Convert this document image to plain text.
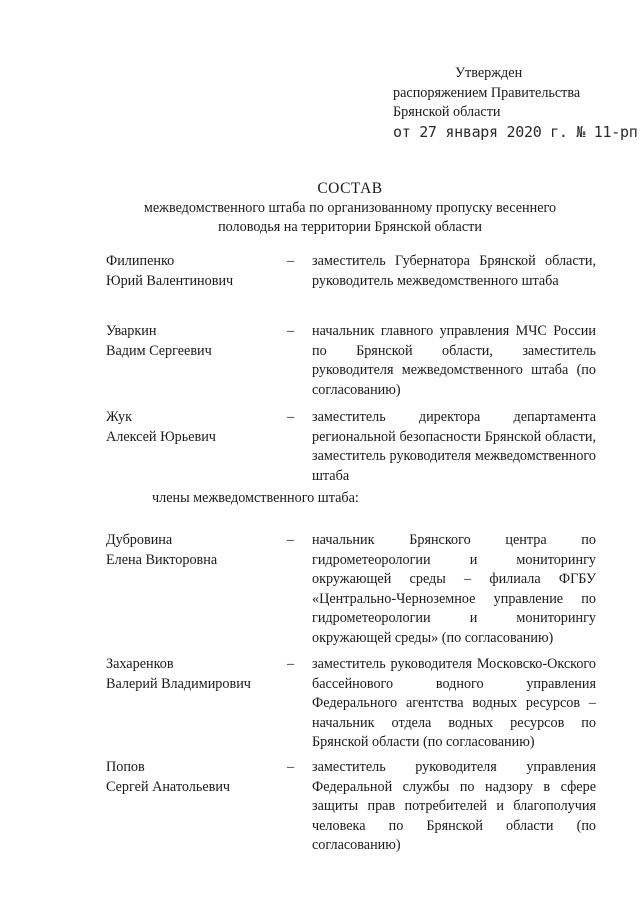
Утвержден
распоряжением Правительства
Брянской области
от 27 января 2020 г. № 11-рп
СОСТАВ
межведомственного штаба по организованному пропуску весеннего
половодья на территории Брянской области
Филипенко
Юрий Валентинович
– заместитель Губернатора Брянской области, руководитель межведомственного штаба
Уваркин
Вадим Сергеевич
– начальник главного управления МЧС России по Брянской области, заместитель руководителя межведомственного штаба (по согласованию)
Жук
Алексей Юрьевич
– заместитель директора департамента региональной безопасности Брянской области, заместитель руководителя межведомственного штаба
члены межведомственного штаба:
Дубровина
Елена Викторовна
– начальник Брянского центра по гидрометеорологии и мониторингу окружающей среды – филиала ФГБУ «Центрально-Черноземное управление по гидрометеорологии и мониторингу окружающей среды» (по согласованию)
Захаренков
Валерий Владимирович
– заместитель руководителя Московско-Окского бассейнового водного управления Федерального агентства водных ресурсов – начальник отдела водных ресурсов по Брянской области (по согласованию)
Попов
Сергей Анатольевич
– заместитель руководителя управления Федеральной службы по надзору в сфере защиты прав потребителей и благополучия человека по Брянской области (по согласованию)
